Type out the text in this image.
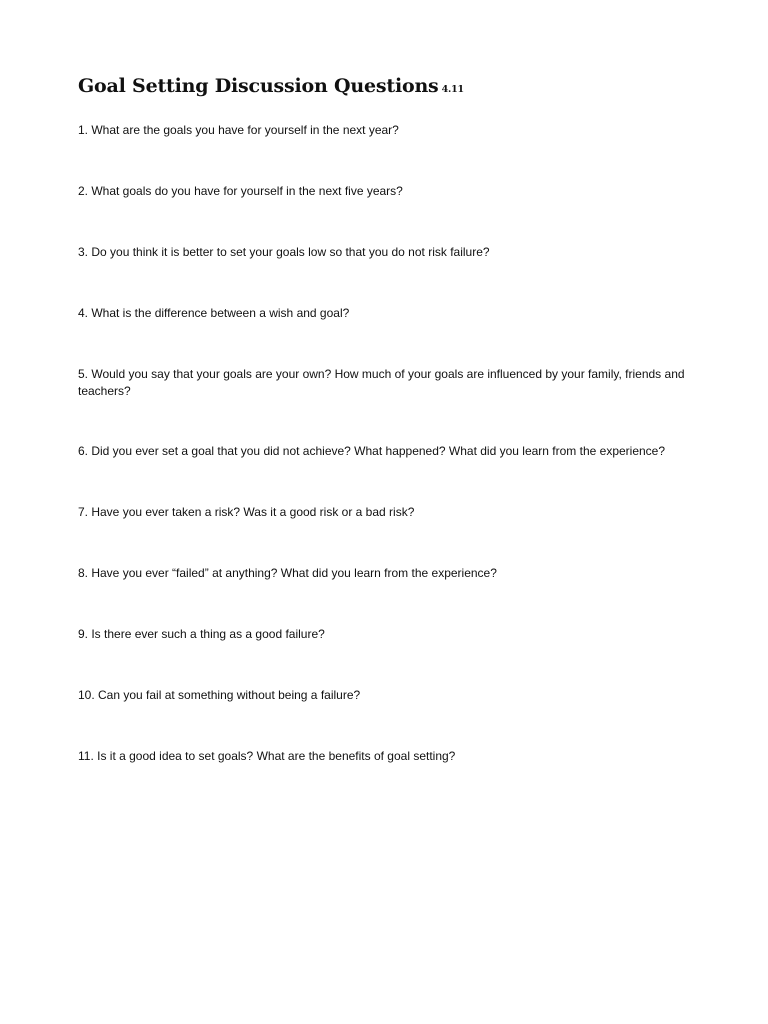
Goal Setting Discussion Questions 4.11

1. What are the goals you have for yourself in the next year?

2. What goals do you have for yourself in the next five years?

3. Do you think it is better to set your goals low so that you do not risk failure?

4. What is the difference between a wish and goal?

5. Would you say that your goals are your own? How much of your goals are influenced by your family, friends and teachers?

6. Did you ever set a goal that you did not achieve? What happened? What did you learn from the experience?

7. Have you ever taken a risk? Was it a good risk or a bad risk?

8. Have you ever “failed” at anything? What did you learn from the experience?

9. Is there ever such a thing as a good failure?

10. Can you fail at something without being a failure?

11. Is it a good idea to set goals? What are the benefits of goal setting?
